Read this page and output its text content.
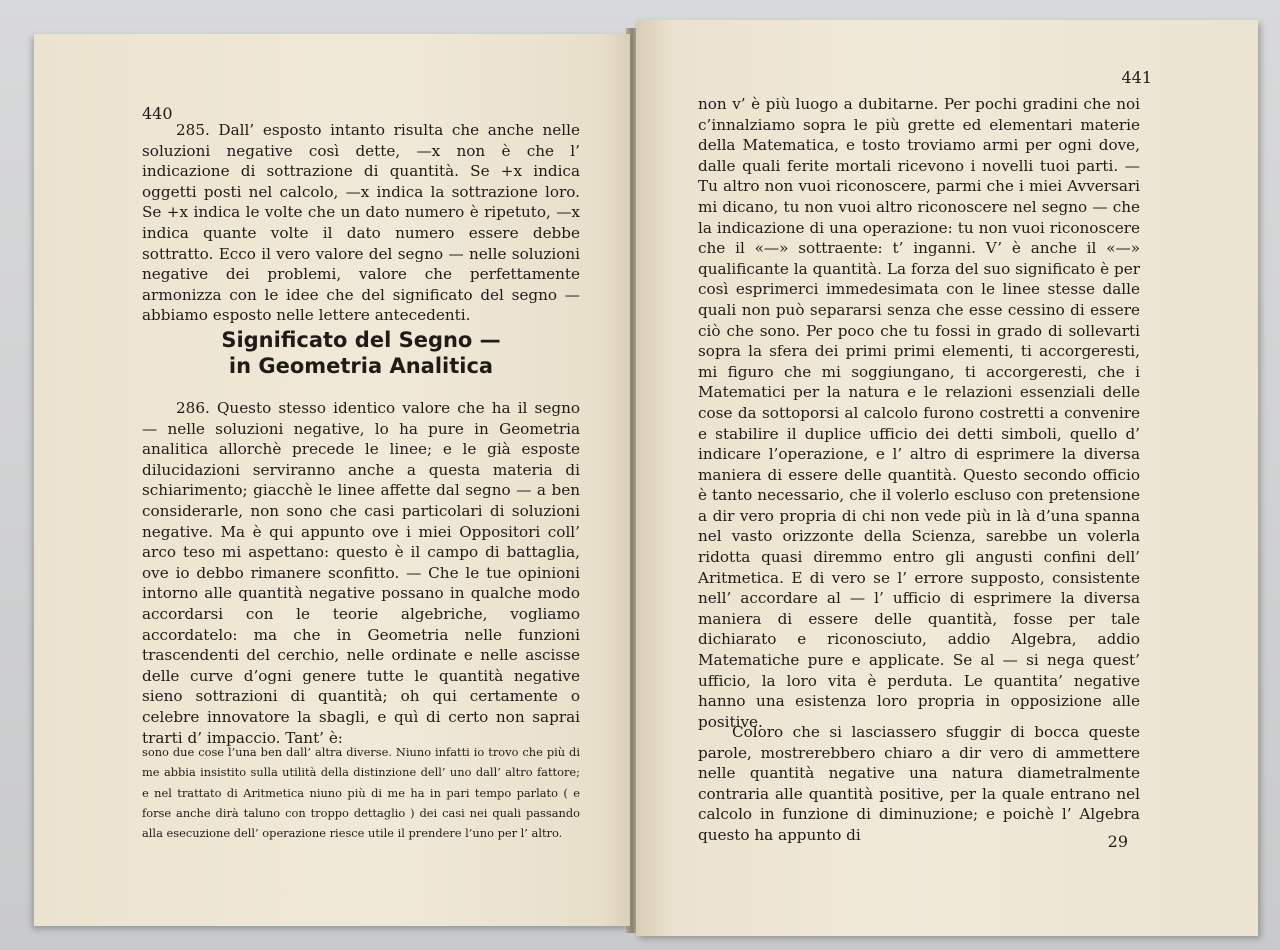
440

285. Dall’ esposto intanto risulta che anche nelle soluzioni negative così dette, —x non è che l’ indicazione di sottrazione di quantità. Se +x indica oggetti posti nel calcolo, —x indica la sottrazione loro. Se +x indica le volte che un dato numero è ripetuto, —x indica quante volte il dato numero essere debbe sottratto. Ecco il vero valore del segno — nelle soluzioni negative dei problemi, valore che perfettamente armonizza con le idee che del significato del segno — abbiamo esposto nelle lettere antecedenti.

Significato del Segno —
in Geometria Analitica

286. Questo stesso identico valore che ha il segno — nelle soluzioni negative, lo ha pure in Geometria analitica allorchè precede le linee; e le già esposte dilucidazioni serviranno anche a questa materia di schiarimento; giacchè le linee affette dal segno — a ben considerarle, non sono che casi particolari di soluzioni negative. Ma è qui appunto ove i miei Oppositori coll’ arco teso mi aspettano: questo è il campo di battaglia, ove io debbo rimanere sconfitto. — Che le tue opinioni intorno alle quantità negative possano in qualche modo accordarsi con le teorie algebriche, vogliamo accordatelo: ma che in Geometria nelle funzioni trascendenti del cerchio, nelle ordinate e nelle ascisse delle curve d’ogni genere tutte le quantità negative sieno sottrazioni di quantità; oh qui certamente o celebre innovatore la sbagli, e quì di certo non saprai trarti d’ impaccio. Tant’ è:

sono due cose l’una ben dall’ altra diverse. Niuno infatti io trovo che più di me abbia insistito sulla utilità della distinzione dell’ uno dall’ altro fattore; e nel trattato di Aritmetica niuno più di me ha in pari tempo parlato ( e forse anche dirà taluno con troppo dettaglio ) dei casi nei quali passando alla esecuzione dell’ operazione riesce utile il prendere l’uno per l’ altro.
441

non v’ è più luogo a dubitarne. Per pochi gradini che noi c’innalziamo sopra le più grette ed elementari materie della Matematica, e tosto troviamo armi per ogni dove, dalle quali ferite mortali ricevono i novelli tuoi parti. — Tu altro non vuoi riconoscere, parmi che i miei Avversari mi dicano, tu non vuoi altro riconoscere nel segno — che la indicazione di una operazione: tu non vuoi riconoscere che il «—» sottraente: t’ inganni. V’ è anche il «—» qualificante la quantità. La forza del suo significato è per così esprimerci immedesimata con le linee stesse dalle quali non può separarsi senza che esse cessino di essere ciò che sono. Per poco che tu fossi in grado di sollevarti sopra la sfera dei primi primi elementi, ti accorgeresti, mi figuro che mi soggiungano, ti accorgeresti, che i Matematici per la natura e le relazioni essenziali delle cose da sottoporsi al calcolo furono costretti a convenire e stabilire il duplice ufficio dei detti simboli, quello d’ indicare l’operazione, e l’ altro di esprimere la diversa maniera di essere delle quantità. Questo secondo officio è tanto necessario, che il volerlo escluso con pretensione a dir vero propria di chi non vede più in là d’una spanna nel vasto orizzonte della Scienza, sarebbe un volerla ridotta quasi diremmo entro gli angusti confini dell’ Aritmetica. E di vero se l’ errore supposto, consistente nell’ accordare al — l’ ufficio di esprimere la diversa maniera di essere delle quantità, fosse per tale dichiarato e riconosciuto, addio Algebra, addio Matematiche pure e applicate. Se al — si nega quest’ ufficio, la loro vita è perduta. Le quantita’ negative hanno una esistenza loro propria in opposizione alle positive.

Coloro che si lasciassero sfuggir di bocca queste parole, mostrerebbero chiaro a dir vero di ammettere nelle quantità negative una natura diametralmente contraria alle quantità positive, per la quale entrano nel calcolo in funzione di diminuzione; e poichè l’ Algebra questo ha appunto di	29
